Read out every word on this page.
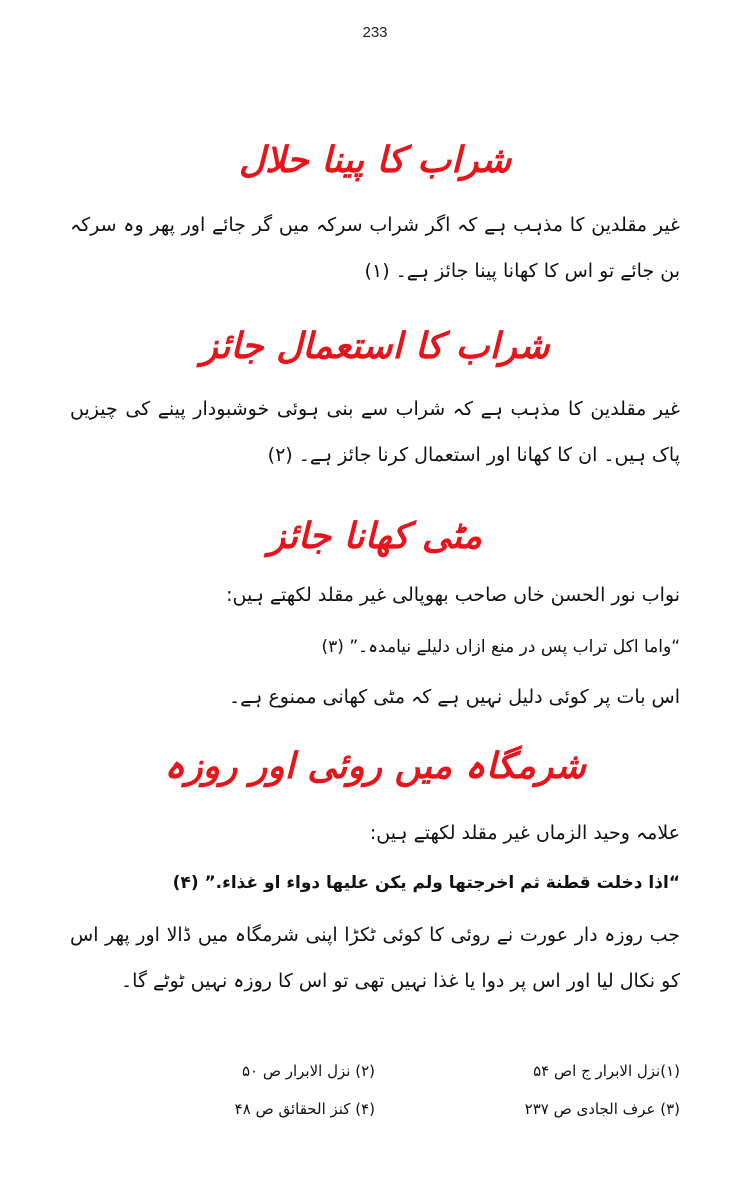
233
شراب کا پینا حلال
غیر مقلدین کا مذہب ہے کہ اگر شراب سرکہ میں گر جائے اور پھر وہ سرکہ بن جائے تو اس کا کھانا پینا جائز ہے۔ (۱)
شراب کا استعمال جائز
غیر مقلدین کا مذہب ہے کہ شراب سے بنی ہوئی خوشبودار پینے کی چیزیں پاک ہیں۔ ان کا کھانا اور استعمال کرنا جائز ہے۔ (۲)
مٹی کھانا جائز
نواب نور الحسن خاں صاحب بھوپالی غیر مقلد لکھتے ہیں:
“واما اکل تراب پس در منع ازاں دلیلے نیامدہ۔” (۳)
اس بات پر کوئی دلیل نہیں ہے کہ مٹی کھانی ممنوع ہے۔
شرمگاہ میں روئی اور روزہ
علامہ وحید الزماں غیر مقلد لکھتے ہیں:
“اذا دخلت قطنة ثم اخرجتها ولم یکن علیها دواء او غذاء.” (۴)
جب روزہ دار عورت نے روئی کا کوئی ٹکڑا اپنی شرمگاہ میں ڈالا اور پھر اس کو نکال لیا اور اس پر دوا یا غذا نہیں تھی تو اس کا روزہ نہیں ٹوٹے گا۔
(۱)نزل الابرار ج اص ۵۴
(۲) نزل الابرار ص ۵۰
(۳) عرف الجادی ص ۲۳۷
(۴) کنز الحقائق ص ۴۸
